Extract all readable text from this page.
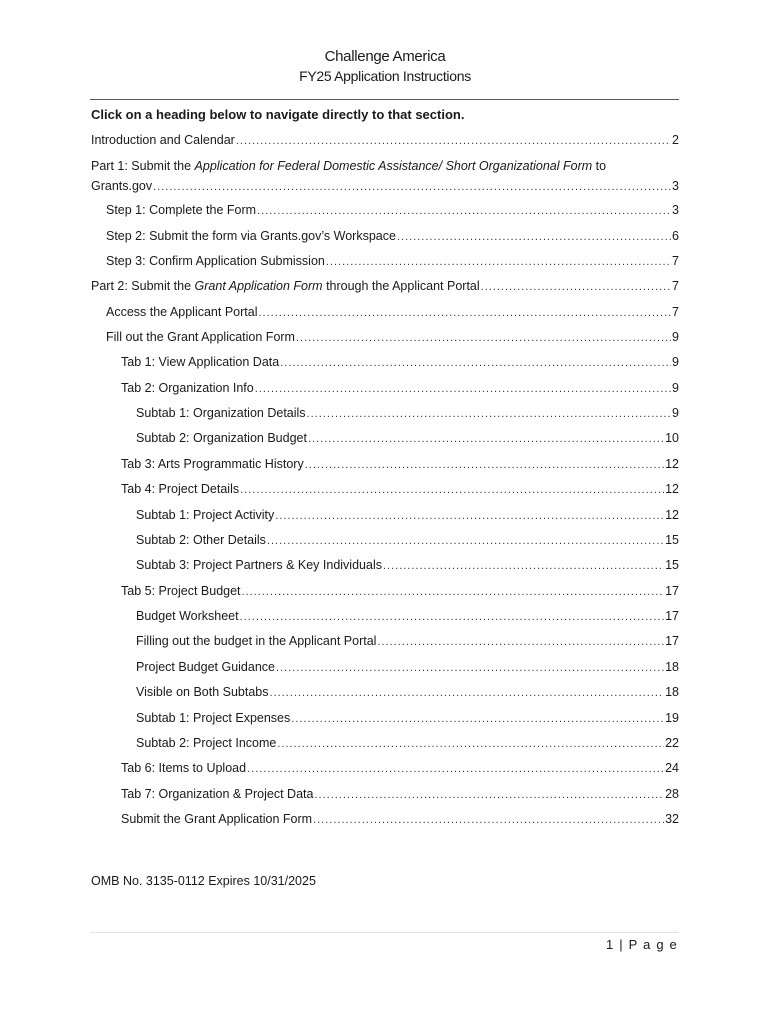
Challenge America
FY25 Application Instructions
Click on a heading below to navigate directly to that section.
Introduction and Calendar .....	2
Part 1: Submit the Application for Federal Domestic Assistance/ Short Organizational Form to
Grants.gov .....	3
Step 1: Complete the Form .....	3
Step 2: Submit the form via Grants.gov’s Workspace .....	6
Step 3: Confirm Application Submission .....	7
Part 2: Submit the Grant Application Form through the Applicant Portal .....	7
Access the Applicant Portal .....	7
Fill out the Grant Application Form .....	9
Tab 1: View Application Data .....	9
Tab 2: Organization Info .....	9
Subtab 1: Organization Details .....	9
Subtab 2: Organization Budget .....	10
Tab 3: Arts Programmatic History .....	12
Tab 4: Project Details .....	12
Subtab 1: Project Activity .....	12
Subtab 2: Other Details .....	15
Subtab 3: Project Partners & Key Individuals .....	15
Tab 5: Project Budget .....	17
Budget Worksheet .....	17
Filling out the budget in the Applicant Portal .....	17
Project Budget Guidance .....	18
Visible on Both Subtabs .....	18
Subtab 1: Project Expenses .....	19
Subtab 2: Project Income .....	22
Tab 6: Items to Upload .....	24
Tab 7: Organization & Project Data .....	28
Submit the Grant Application Form .....	32
OMB No. 3135-0112 Expires 10/31/2025
1 | P a g e
